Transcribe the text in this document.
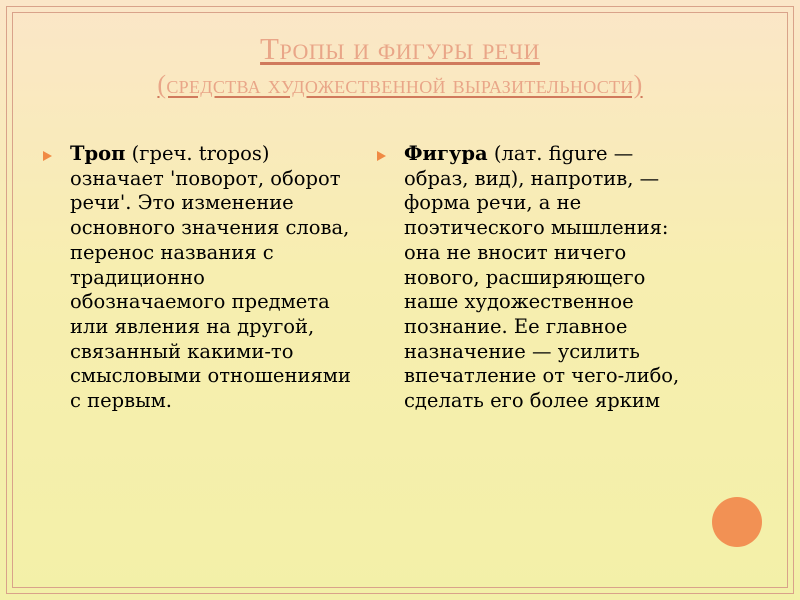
Тропы и фигуры речи
(средства художественной выразительности)
Троп (греч. tropos) означает 'поворот, оборот речи'. Это изменение основного значения слова, перенос названия с традиционно обозначаемого предмета или явления на другой, связанный какими-то смысловыми отношениями с первым.
Фигура (лат. figure — образ, вид), напротив, — форма речи, а не поэтического мышления: она не вносит ничего нового, расширяющего наше художественное познание. Ее главное назначение — усилить впечатление от чего-либо, сделать его более ярким
